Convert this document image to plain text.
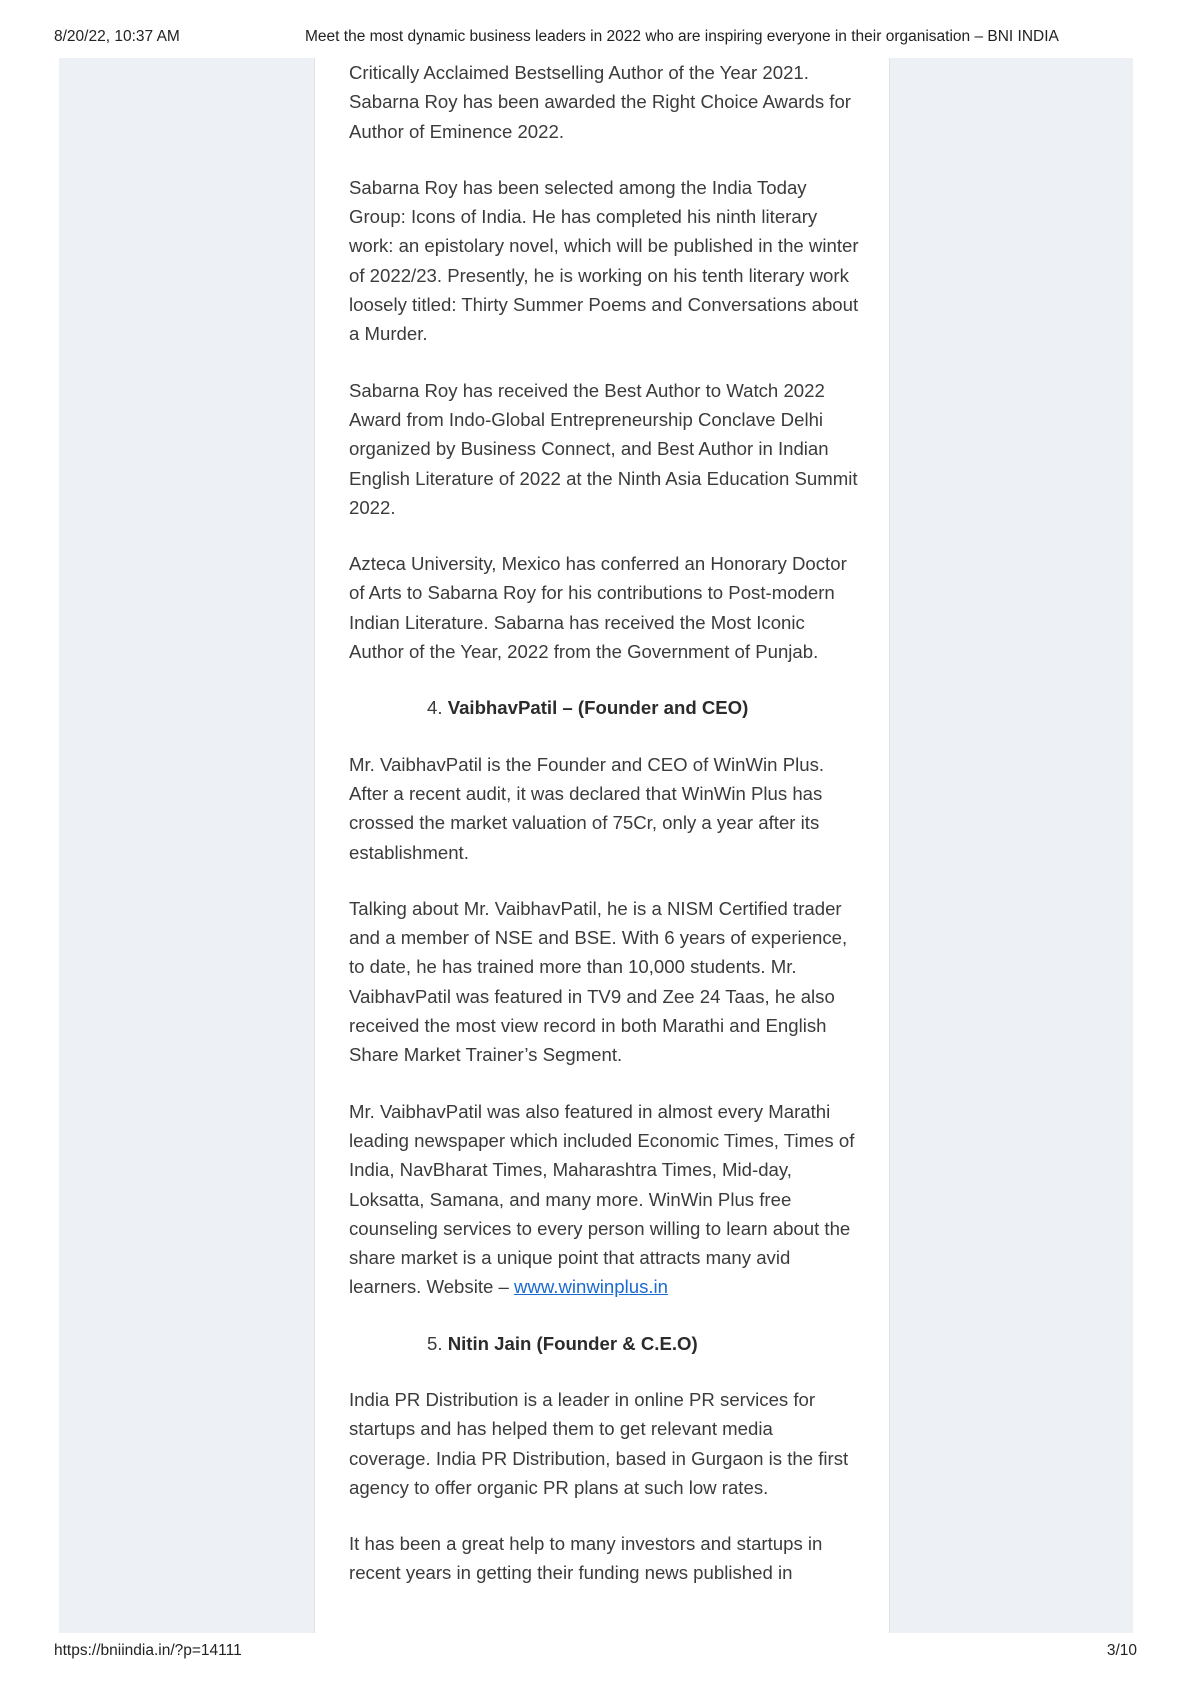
8/20/22, 10:37 AM	Meet the most dynamic business leaders in 2022 who are inspiring everyone in their organisation – BNI INDIA

Critically Acclaimed Bestselling Author of the Year 2021. Sabarna Roy has been awarded the Right Choice Awards for Author of Eminence 2022.

Sabarna Roy has been selected among the India Today Group: Icons of India. He has completed his ninth literary work: an epistolary novel, which will be published in the winter of 2022/23. Presently, he is working on his tenth literary work loosely titled: Thirty Summer Poems and Conversations about a Murder.

Sabarna Roy has received the Best Author to Watch 2022 Award from Indo-Global Entrepreneurship Conclave Delhi organized by Business Connect, and Best Author in Indian English Literature of 2022 at the Ninth Asia Education Summit 2022.

Azteca University, Mexico has conferred an Honorary Doctor of Arts to Sabarna Roy for his contributions to Post-modern Indian Literature. Sabarna has received the Most Iconic Author of the Year, 2022 from the Government of Punjab.

4. VaibhavPatil – (Founder and CEO)

Mr. VaibhavPatil is the Founder and CEO of WinWin Plus. After a recent audit, it was declared that WinWin Plus has crossed the market valuation of 75Cr, only a year after its establishment.

Talking about Mr. VaibhavPatil, he is a NISM Certified trader and a member of NSE and BSE. With 6 years of experience, to date, he has trained more than 10,000 students. Mr. VaibhavPatil was featured in TV9 and Zee 24 Taas, he also received the most view record in both Marathi and English Share Market Trainer’s Segment.

Mr. VaibhavPatil was also featured in almost every Marathi leading newspaper which included Economic Times, Times of India, NavBharat Times, Maharashtra Times, Mid-day, Loksatta, Samana, and many more. WinWin Plus free counseling services to every person willing to learn about the share market is a unique point that attracts many avid learners. Website – www.winwinplus.in

5. Nitin Jain (Founder & C.E.O)

India PR Distribution is a leader in online PR services for startups and has helped them to get relevant media coverage. India PR Distribution, based in Gurgaon is the first agency to offer organic PR plans at such low rates.

It has been a great help to many investors and startups in recent years in getting their funding news published in

https://bniindia.in/?p=14111	3/10
